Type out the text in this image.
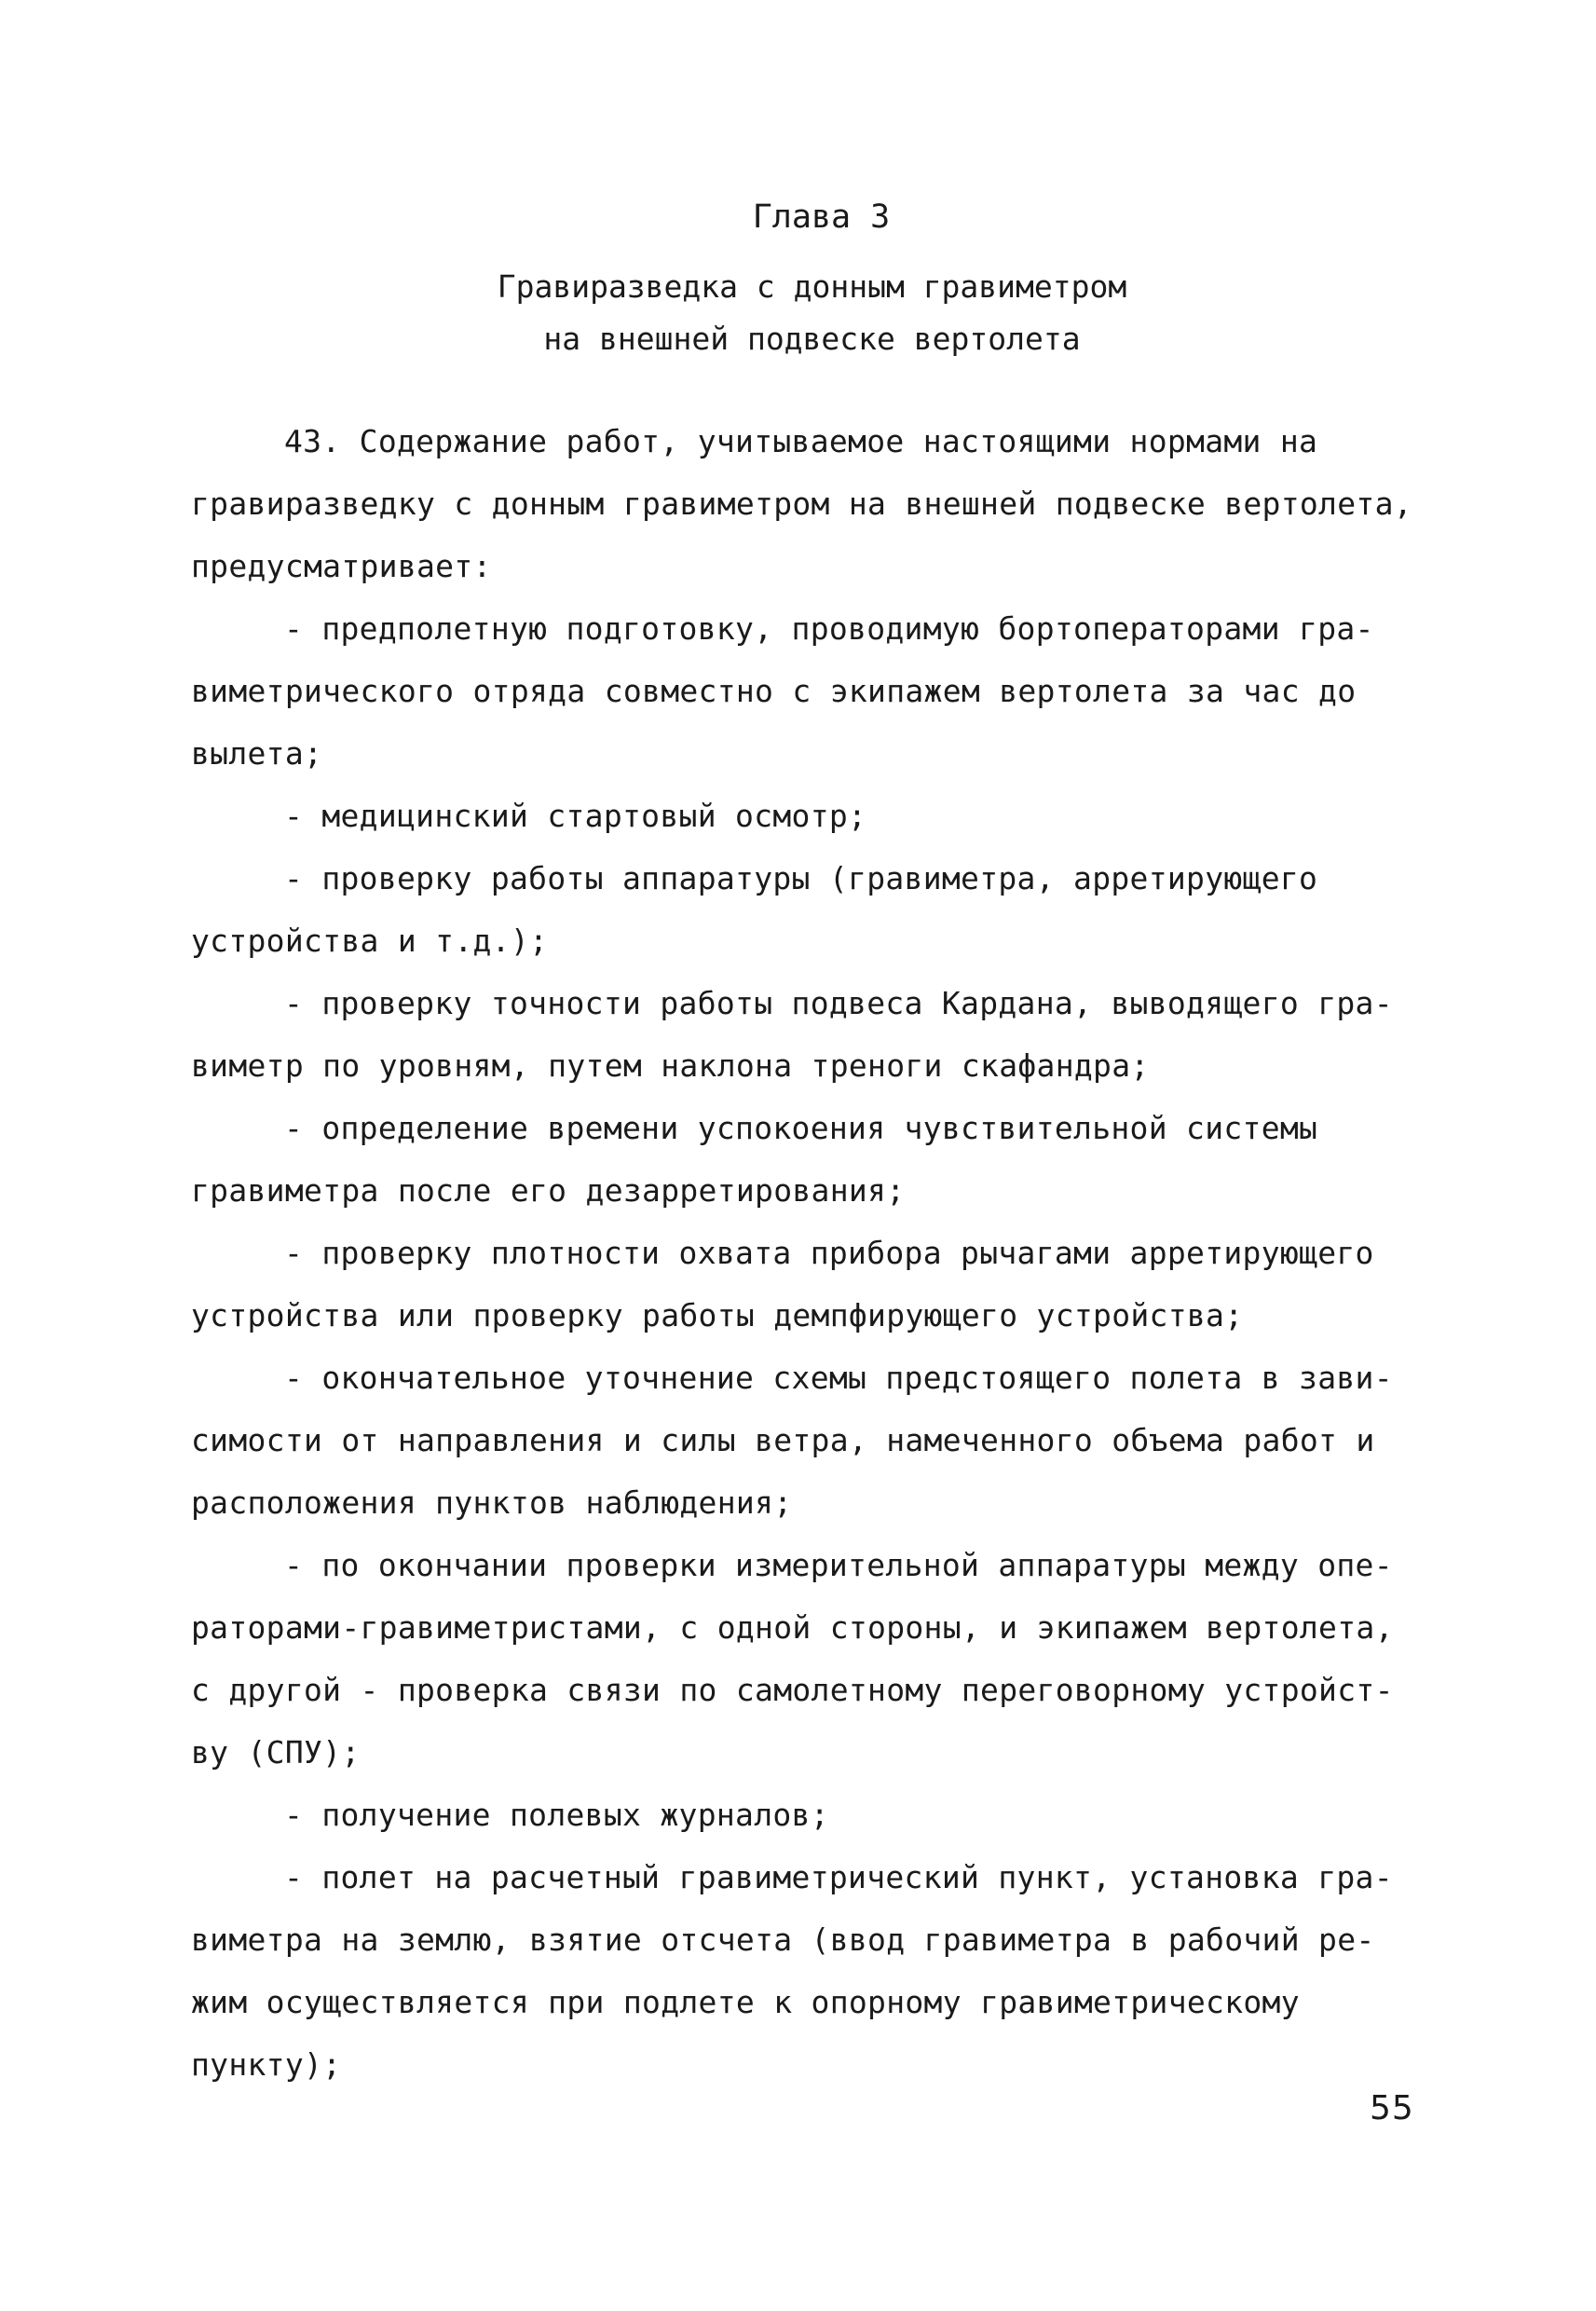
Глава 3
Гравиразведка с донным гравиметром
на внешней подвеске вертолета
43. Содержание работ, учитываемое настоящими нормами на
гравиразведку с донным гравиметром на внешней подвеске вертолета,
предусматривает:
- предполетную подготовку, проводимую бортоператорами гра-
виметрического отряда совместно с экипажем вертолета за час до
вылета;
- медицинский стартовый осмотр;
- проверку работы аппаратуры (гравиметра, арретирующего
устройства и т.д.);
- проверку точности работы подвеса Кардана, выводящего гра-
виметр по уровням, путем наклона треноги скафандра;
- определение времени успокоения чувствительной системы
гравиметра после его дезарретирования;
- проверку плотности охвата прибора рычагами арретирующего
устройства или проверку работы демпфирующего устройства;
- окончательное уточнение схемы предстоящего полета в зави-
симости от направления и силы ветра, намеченного объема работ и
расположения пунктов наблюдения;
- по окончании проверки измерительной аппаратуры между опе-
раторами-гравиметристами, с одной стороны, и экипажем вертолета,
с другой - проверка связи по самолетному переговорному устройст-
ву (СПУ);
- получение полевых журналов;
- полет на расчетный гравиметрический пункт, установка гра-
виметра на землю, взятие отсчета (ввод гравиметра в рабочий ре-
жим осуществляется при подлете к опорному гравиметрическому
пункту);
55
